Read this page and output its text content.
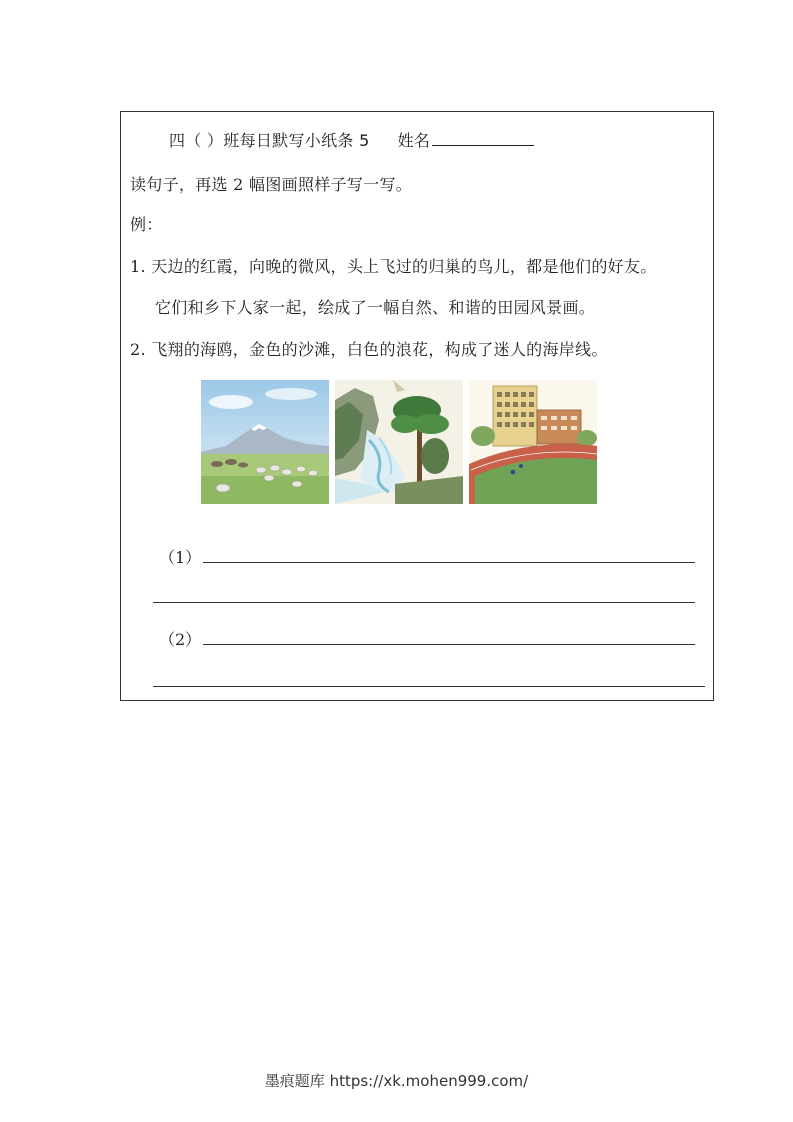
四（ ）班每日默写小纸条 5 姓名
读句子，再选 2 幅图画照样子写一写。
例：
1. 天边的红霞，向晚的微风，头上飞过的归巢的鸟儿，都是他们的好友。
它们和乡下人家一起，绘成了一幅自然、和谐的田园风景画。
2. 飞翔的海鸥，金色的沙滩，白色的浪花，构成了迷人的海岸线。
（1）
（2）
墨痕题库 https://xk.mohen999.com/
